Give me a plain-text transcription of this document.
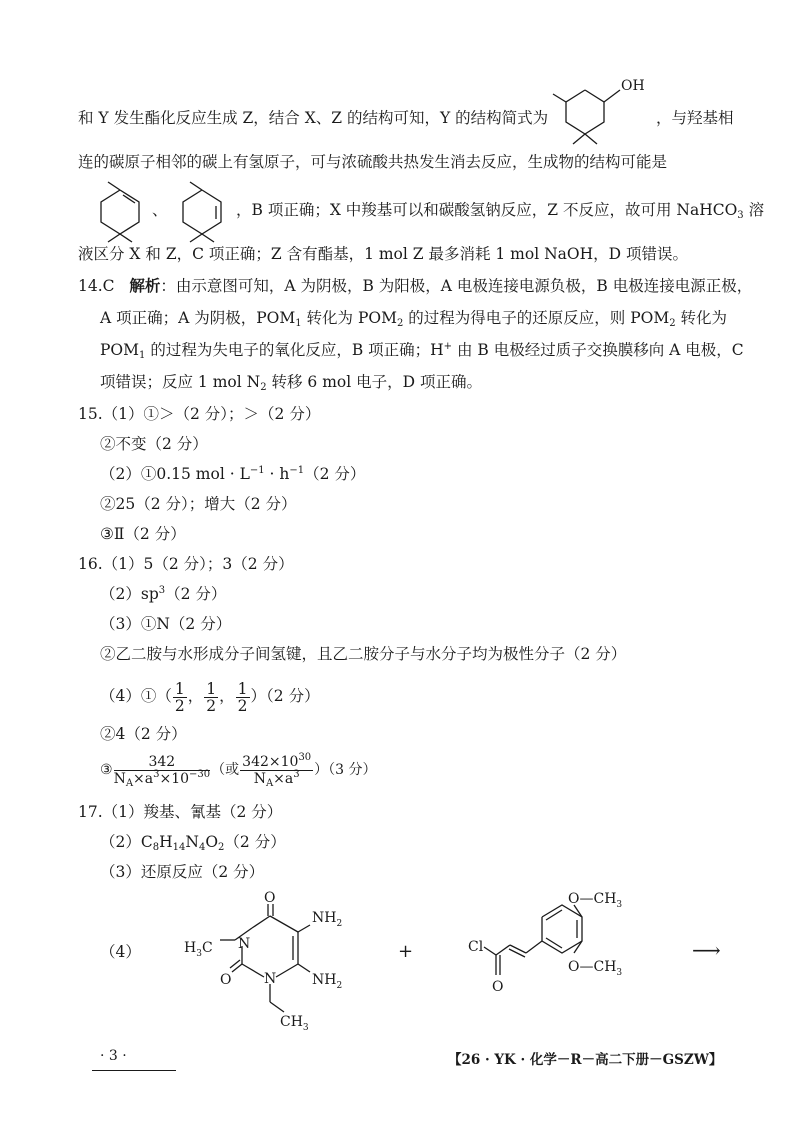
和 Y 发生酯化反应生成 Z，结合 X、Z 的结构可知，Y 的结构简式为
OH
，与羟基相
连的碳原子相邻的碳上有氢原子，可与浓硫酸共热发生消去反应，生成物的结构可能是
、	，B 项正确；X 中羧基可以和碳酸氢钠反应，Z 不反应，故可用 NaHCO$_3$ 溶
液区分 X 和 Z，C 项正确；Z 含有酯基，1 mol Z 最多消耗 1 mol NaOH，D 项错误。
14.C 解析：由示意图可知，A 为阴极，B 为阳极，A 电极连接电源负极，B 电极连接电源正极，
A 项正确；A 为阴极，$POM_1$ 转化为 $POM_2$ 的过程为得电子的还原反应，则 $POM_2$ 转化为
$POM_1$ 的过程为失电子的氧化反应，B 项正确；H+ 由 B 电极经过质子交换膜移向 A 电极，C
项错误；反应 1 mol $N_2$ 转移 6 mol 电子，D 项正确。
15.（1）①＞（2 分）；＞（2 分）
②不变（2 分）
（2）①0.15 mol · $L^{-1} \cdot h^{-1}(2$ 分）
②25（2 分）；增大（2 分）
③Ⅱ（2 分）
16.（1）5（2 分）；3（2 分）
$(2)sp^3(2$ 分）
（3）①N（2 分）
②乙二胺与水形成分子间氢键，且乙二胺分子与水分子均为极性分子（2 分）
（4）①（ $\frac{1}{2}$ ， $\frac{1}{2}$ ， $\frac{1}{2} )(2$ 分）
②4（2 分）
③ $\frac{342}{N_A\times a^3\times 10^{-30}}$ （或 $\frac{342\times 10^{30}}{N_A\times a^3} )(3$ 分）
17.（1）羧基、氰基（2 分）
$(2)C_8H_{14}N_4O_2(2$ 分）
（3）还原反应（2 分）
（4）
O
$NH_2$
$H_3C$ N
N
O	$NH_2$
$CH_3$
+
$O—CH_3$
$O—CH_3$
Cl
O
⟶
· 3 ·	【26 · YK · 化学－R－高二下册－GSZW】
